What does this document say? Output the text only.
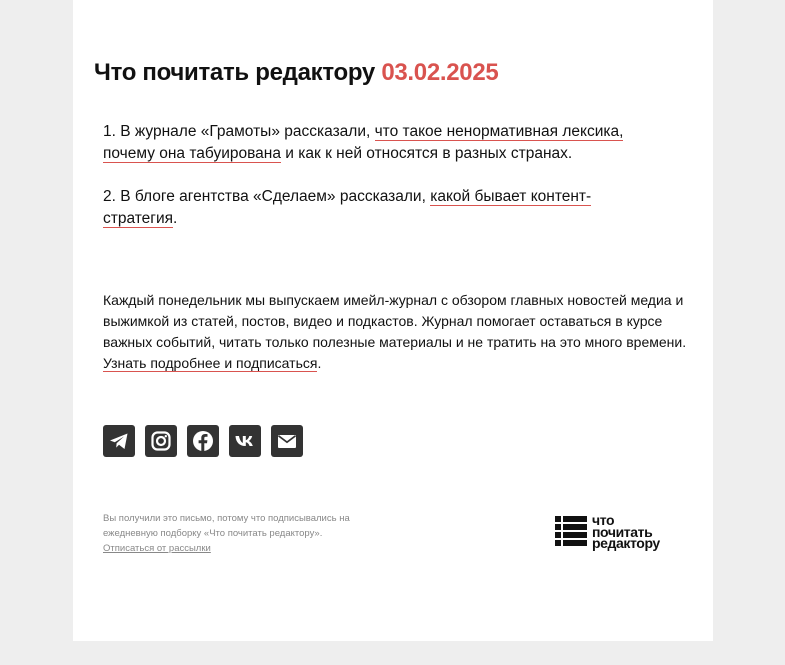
Что почитать редактору 03.02.2025

1. В журнале «Грамоты» рассказали, что такое ненормативная лексика, почему она табуирована и как к ней относятся в разных странах.

2. В блоге агентства «Сделаем» рассказали, какой бывает контент-стратегия.

Каждый понедельник мы выпускаем имейл-журнал с обзором главных новостей медиа и выжимкой из статей, постов, видео и подкастов. Журнал помогает оставаться в курсе важных событий, читать только полезные материалы и не тратить на это много времени. Узнать подробнее и подписаться.

Вы получили это письмо, потому что подписывались на ежедневную подборку «Что почитать редактору».
Отписаться от рассылки

что
почитать
редактору
